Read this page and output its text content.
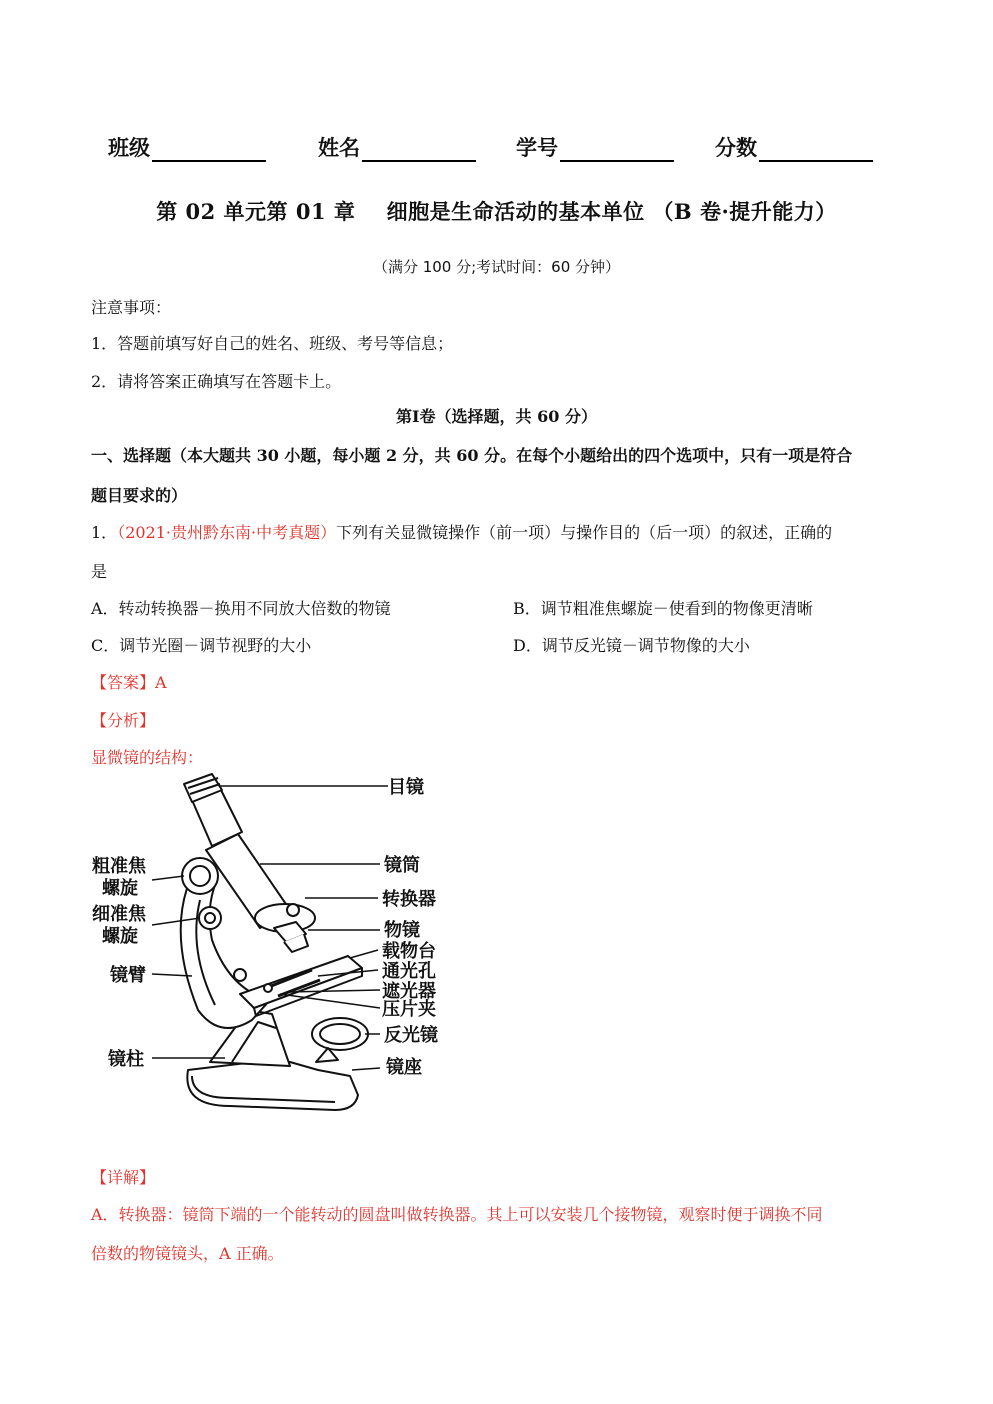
班级	姓名	学号	分数
第 02 单元第 01 章    细胞是生命活动的基本单位 （B 卷·提升能力）
（满分 100 分;考试时间：60 分钟）
注意事项：
1．答题前填写好自己的姓名、班级、考号等信息；
2．请将答案正确填写在答题卡上。
第Ⅰ卷（选择题，共 60 分）
一、选择题（本大题共 30 小题，每小题 2 分，共 60 分。在每个小题给出的四个选项中，只有一项是符合
题目要求的）
1．（2021·贵州黔东南·中考真题）下列有关显微镜操作（前一项）与操作目的（后一项）的叙述，正确的
是
A．转动转换器－换用不同放大倍数的物镜	B．调节粗准焦螺旋－使看到的物像更清晰
C．调节光圈－调节视野的大小	D．调节反光镜－调节物像的大小
【答案】A
【分析】
显微镜的结构：
目镜
镜筒
转换器
物镜
载物台
通光孔
遮光器
压片夹
反光镜
镜座
粗准焦
螺旋
细准焦
螺旋
镜臂
镜柱
【详解】
A．转换器：镜筒下端的一个能转动的圆盘叫做转换器。其上可以安装几个接物镜，观察时便于调换不同
倍数的物镜镜头，A 正确。
